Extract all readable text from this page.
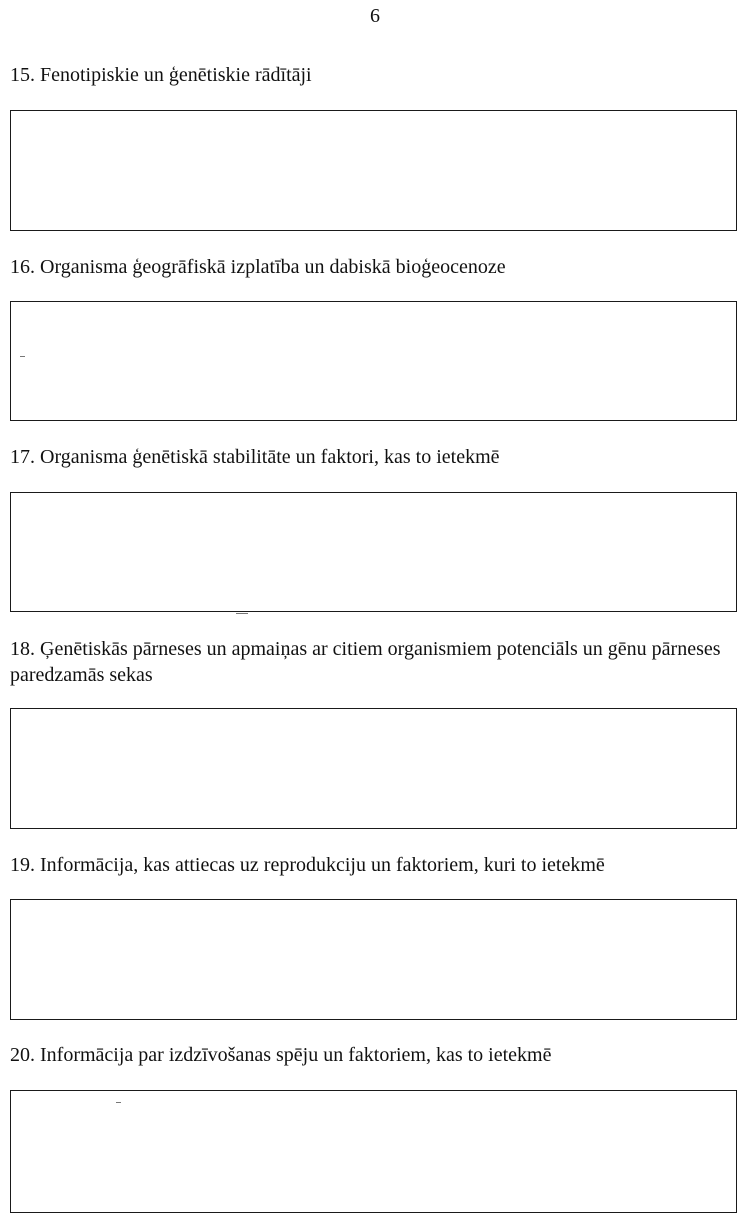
6
15. Fenotipiskie un ģenētiskie rādītāji
16. Organisma ģeogrāfiskā izplatība un dabiskā bioģeocenoze
17. Organisma ģenētiskā stabilitāte un faktori, kas to ietekmē
18. Ģenētiskās pārneses un apmaiņas ar citiem organismiem potenciāls un gēnu pārneses paredzamās sekas
19. Informācija, kas attiecas uz reprodukciju un faktoriem, kuri to ietekmē
20. Informācija par izdzīvošanas spēju un faktoriem, kas to ietekmē
